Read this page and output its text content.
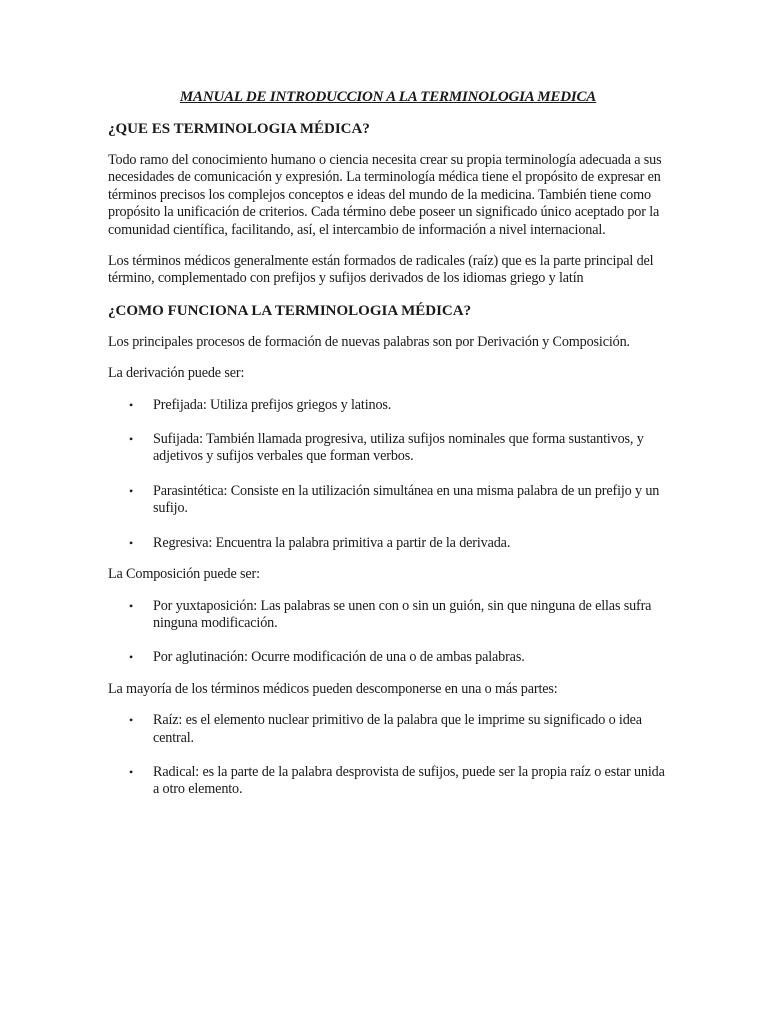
MANUAL DE INTRODUCCION A LA TERMINOLOGIA MEDICA
¿QUE ES TERMINOLOGIA MÉDICA?

Todo ramo del conocimiento humano o ciencia necesita crear su propia terminología adecuada a sus necesidades de comunicación y expresión. La terminología médica tiene el propósito de expresar en términos precisos los complejos conceptos e ideas del mundo de la medicina. También tiene como propósito la unificación de criterios. Cada término debe poseer un significado único aceptado por la comunidad científica, facilitando, así, el intercambio de información a nivel internacional.

Los términos médicos generalmente están formados de radicales (raíz) que es la parte principal del término, complementado con prefijos y sufijos derivados de los idiomas griego y latín

¿COMO FUNCIONA LA TERMINOLOGIA MÉDICA?

Los principales procesos de formación de nuevas palabras son por Derivación y Composición.

La derivación puede ser:

• Prefijada: Utiliza prefijos griegos y latinos.
• Sufijada: También llamada progresiva, utiliza sufijos nominales que forma sustantivos, y adjetivos y sufijos verbales que forman verbos.
• Parasintética: Consiste en la utilización simultánea en una misma palabra de un prefijo y un sufijo.
• Regresiva: Encuentra la palabra primitiva a partir de la derivada.

La Composición puede ser:

• Por yuxtaposición: Las palabras se unen con o sin un guión, sin que ninguna de ellas sufra ninguna modificación.
• Por aglutinación: Ocurre modificación de una o de ambas palabras.

La mayoría de los términos médicos pueden descomponerse en una o más partes:

• Raíz: es el elemento nuclear primitivo de la palabra que le imprime su significado o idea central.
• Radical: es la parte de la palabra desprovista de sufijos, puede ser la propia raíz o estar unida a otro elemento.
